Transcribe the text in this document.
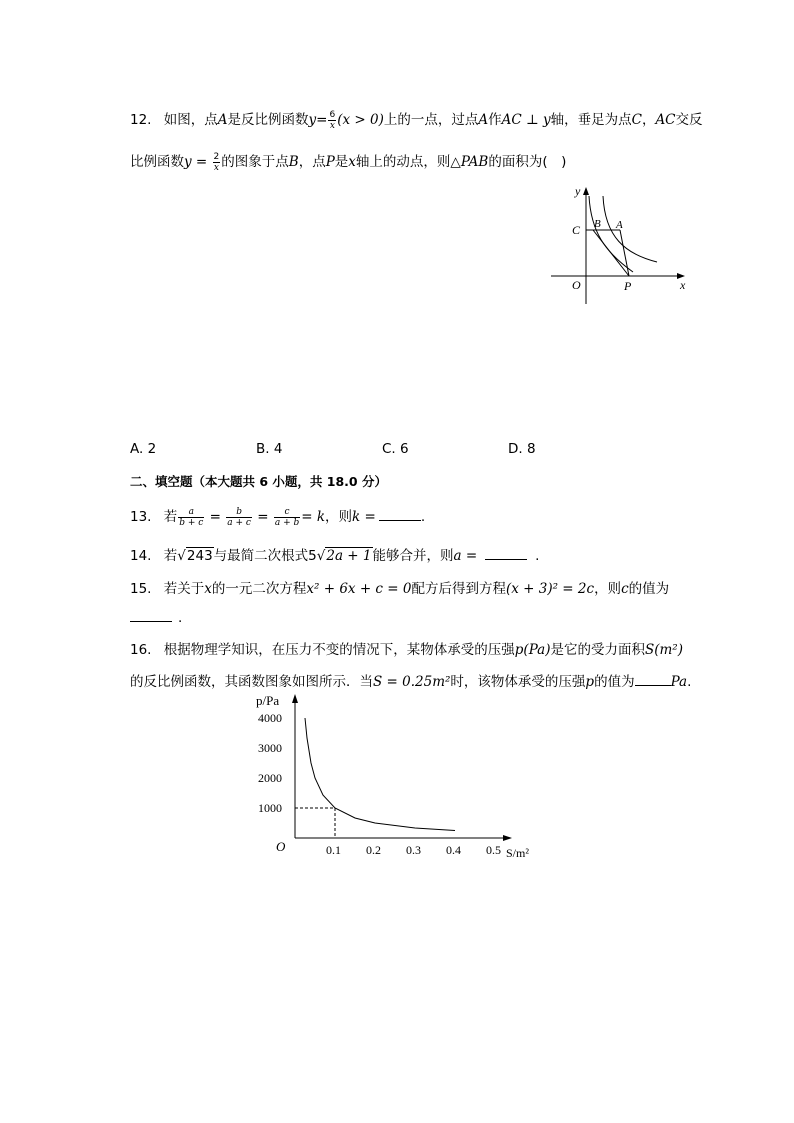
12. 如图，点A是反比例函数$y= \frac{6}{x} (x > 0)$上的一点，过点A作AC ⊥ y轴，垂足为点C，AC交反
比例函数$y = \frac{2}{x}$ 的图象于点B，点P是x轴上的动点，则△PAB的面积为(　)
y
C B A
O	P	x
A. 2	B. 4	C. 6	D. 8
二、填空题（本大题共 6 小题，共 18.0 分）
13. 若 $\frac{a}{b + c} = \frac{b}{a + c} = \frac{c}{a + b} = k$，则k =	.
14. 若√243与最简二次根式5√2a + 1能够合并，则a =	.
15. 若关于x的一元二次方程x² + 6x + c = 0配方后得到方程(x + 3)² = 2c，则c的值为
.
16. 根据物理学知识，在压力不变的情况下，某物体承受的压强p(Pa)是它的受力面积S(m²)
的反比例函数，其函数图象如图所示．当S = 0.25m²时，该物体承受的压强p的值为	Pa.
p/Pa
S/m²
O
4000
3000
2000
1000
0.1 0.2 0.3 0.4 0.5
